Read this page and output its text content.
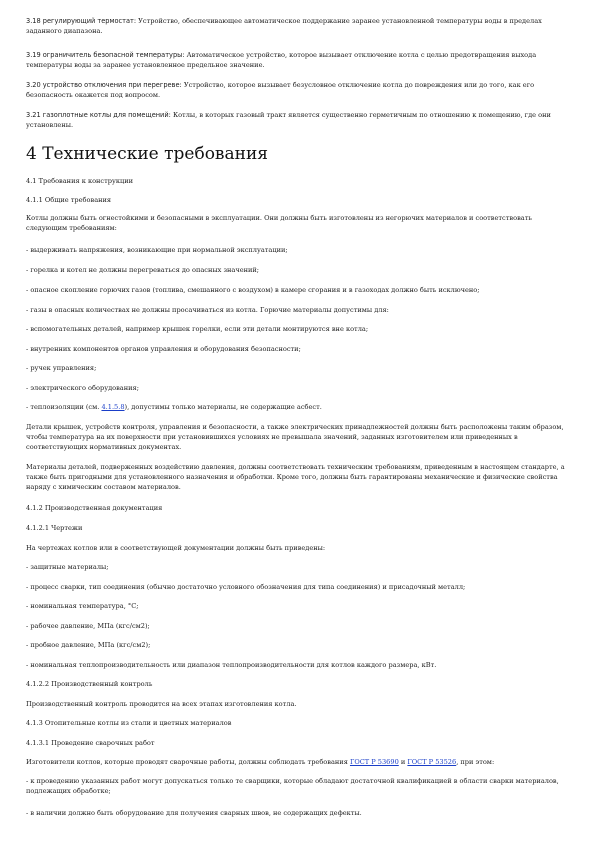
3.18 регулирующий термостат: Устройство, обеспечивающее автоматическое поддержание заранее установленной температуры воды в пределах заданного диапазона.
3.19 ограничитель безопасной температуры: Автоматическое устройство, которое вызывает отключение котла с целью предотвращения выхода температуры воды за заранее установленное предельное значение.
3.20 устройство отключения при перегреве: Устройство, которое вызывает безусловное отключение котла до повреждения или до того, как его безопасность окажется под вопросом.
3.21 газоплотные котлы для помещений: Котлы, в которых газовый тракт является существенно герметичным по отношению к помещению, где они установлены.
4 Технические требования
4.1 Требования к конструкции
4.1.1 Общие требования
Котлы должны быть огнестойкими и безопасными в эксплуатации. Они должны быть изготовлены из негорючих материалов и соответствовать следующим требованиям:
- выдерживать напряжения, возникающие при нормальной эксплуатации;
- горелка и котел не должны перегреваться до опасных значений;
- опасное скопление горючих газов (топлива, смешанного с воздухом) в камере сгорания и в газоходах должно быть исключено;
- газы в опасных количествах не должны просачиваться из котла. Горючие материалы допустимы для:
- вспомогательных деталей, например крышек горелки, если эти детали монтируются вне котла;
- внутренних компонентов органов управления и оборудования безопасности;
- ручек управления;
- электрического оборудования;
- теплоизоляции (см. 4.1.5.8), допустимы только материалы, не содержащие асбест.
Детали крышек, устройств контроля, управления и безопасности, а также электрических принадлежностей должны быть расположены таким образом, чтобы температура на их поверхности при установившихся условиях не превышала значений, заданных изготовителем или приведенных в соответствующих нормативных документах.
Материалы деталей, подверженных воздействию давления, должны соответствовать техническим требованиям, приведенным в настоящем стандарте, а также быть пригодными для установленного назначения и обработки. Кроме того, должны быть гарантированы механические и физические свойства наряду с химическим составом материалов.
4.1.2 Производственная документация
4.1.2.1 Чертежи
На чертежах котлов или в соответствующей документации должны быть приведены:
- защитные материалы;
- процесс сварки, тип соединения (обычно достаточно условного обозначения для типа соединения) и присадочный металл;
- номинальная температура, °С;
- рабочее давление, МПа (кгс/см2);
- пробное давление, МПа (кгс/см2);
- номинальная теплопроизводительность или диапазон теплопроизводительности для котлов каждого размера, кВт.
4.1.2.2 Производственный контроль
Производственный контроль проводится на всех этапах изготовления котла.
4.1.3 Отопительные котлы из стали и цветных материалов
4.1.3.1 Проведение сварочных работ
Изготовители котлов, которые проводят сварочные работы, должны соблюдать требования ГОСТ Р 53690 и ГОСТ Р 53526, при этом:
- к проведению указанных работ могут допускаться только те сварщики, которые обладают достаточной квалификацией в области сварки материалов, подлежащих обработке;
- в наличии должно быть оборудование для получения сварных швов, не содержащих дефекты.
